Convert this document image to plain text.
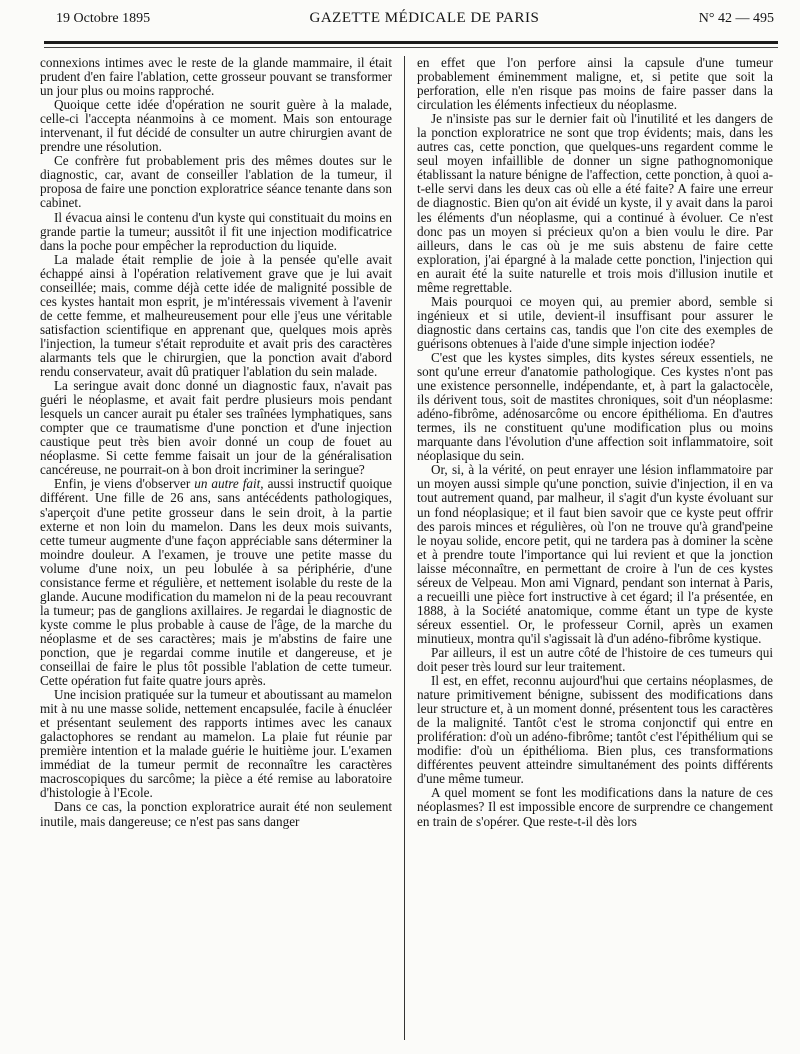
19 Octobre 1895	GAZETTE MÉDICALE DE PARIS	N° 42 — 495

connexions intimes avec le reste de la glande mammaire, il était prudent d'en faire l'ablation, cette grosseur pouvant se transformer un jour plus ou moins rapproché.

Quoique cette idée d'opération ne sourit guère à la malade, celle-ci l'accepta néanmoins à ce moment. Mais son entourage intervenant, il fut décidé de consulter un autre chirurgien avant de prendre une résolution.

Ce confrère fut probablement pris des mêmes doutes sur le diagnostic, car, avant de conseiller l'ablation de la tumeur, il proposa de faire une ponction exploratrice séance tenante dans son cabinet.

Il évacua ainsi le contenu d'un kyste qui constituait du moins en grande partie la tumeur; aussitôt il fit une injection modificatrice dans la poche pour empêcher la reproduction du liquide.

La malade était remplie de joie à la pensée qu'elle avait échappé ainsi à l'opération relativement grave que je lui avait conseillée; mais, comme déjà cette idée de malignité possible de ces kystes hantait mon esprit, je m'intéressais vivement à l'avenir de cette femme, et malheureusement pour elle j'eus une véritable satisfaction scientifique en apprenant que, quelques mois après l'injection, la tumeur s'était reproduite et avait pris des caractères alarmants tels que le chirurgien, que la ponction avait d'abord rendu conservateur, avait dû pratiquer l'ablation du sein malade.

La seringue avait donc donné un diagnostic faux, n'avait pas guéri le néoplasme, et avait fait perdre plusieurs mois pendant lesquels un cancer aurait pu étaler ses traînées lymphatiques, sans compter que ce traumatisme d'une ponction et d'une injection caustique peut très bien avoir donné un coup de fouet au néoplasme. Si cette femme faisait un jour de la généralisation cancéreuse, ne pourrait-on à bon droit incriminer la seringue?

Enfin, je viens d'observer un autre fait, aussi instructif quoique différent. Une fille de 26 ans, sans antécédents pathologiques, s'aperçoit d'une petite grosseur dans le sein droit, à la partie externe et non loin du mamelon. Dans les deux mois suivants, cette tumeur augmente d'une façon appréciable sans déterminer la moindre douleur. A l'examen, je trouve une petite masse du volume d'une noix, un peu lobulée à sa périphérie, d'une consistance ferme et régulière, et nettement isolable du reste de la glande. Aucune modification du mamelon ni de la peau recouvrant la tumeur; pas de ganglions axillaires. Je regardai le diagnostic de kyste comme le plus probable à cause de l'âge, de la marche du néoplasme et de ses caractères; mais je m'abstins de faire une ponction, que je regardai comme inutile et dangereuse, et je conseillai de faire le plus tôt possible l'ablation de cette tumeur. Cette opération fut faite quatre jours après.

Une incision pratiquée sur la tumeur et aboutissant au mamelon mit à nu une masse solide, nettement encapsulée, facile à énucléer et présentant seulement des rapports intimes avec les canaux galactophores se rendant au mamelon. La plaie fut réunie par première intention et la malade guérie le huitième jour. L'examen immédiat de la tumeur permit de reconnaître les caractères macroscopiques du sarcôme; la pièce a été remise au laboratoire d'histologie à l'Ecole.

Dans ce cas, la ponction exploratrice aurait été non seulement inutile, mais dangereuse; ce n'est pas sans danger

en effet que l'on perfore ainsi la capsule d'une tumeur probablement éminemment maligne, et, si petite que soit la perforation, elle n'en risque pas moins de faire passer dans la circulation les éléments infectieux du néoplasme.

Je n'insiste pas sur le dernier fait où l'inutilité et les dangers de la ponction exploratrice ne sont que trop évidents; mais, dans les autres cas, cette ponction, que quelques-uns regardent comme le seul moyen infaillible de donner un signe pathognomonique établissant la nature bénigne de l'affection, cette ponction, à quoi a-t-elle servi dans les deux cas où elle a été faite? A faire une erreur de diagnostic. Bien qu'on ait évidé un kyste, il y avait dans la paroi les éléments d'un néoplasme, qui a continué à évoluer. Ce n'est donc pas un moyen si précieux qu'on a bien voulu le dire. Par ailleurs, dans le cas où je me suis abstenu de faire cette exploration, j'ai épargné à la malade cette ponction, l'injection qui en aurait été la suite naturelle et trois mois d'illusion inutile et même regrettable.

Mais pourquoi ce moyen qui, au premier abord, semble si ingénieux et si utile, devient-il insuffisant pour assurer le diagnostic dans certains cas, tandis que l'on cite des exemples de guérisons obtenues à l'aide d'une simple injection iodée?

C'est que les kystes simples, dits kystes séreux essentiels, ne sont qu'une erreur d'anatomie pathologique. Ces kystes n'ont pas une existence personnelle, indépendante, et, à part la galactocèle, ils dérivent tous, soit de mastites chroniques, soit d'un néoplasme: adéno-fibrôme, adénosarcôme ou encore épithélioma. En d'autres termes, ils ne constituent qu'une modification plus ou moins marquante dans l'évolution d'une affection soit inflammatoire, soit néoplasique du sein.

Or, si, à la vérité, on peut enrayer une lésion inflammatoire par un moyen aussi simple qu'une ponction, suivie d'injection, il en va tout autrement quand, par malheur, il s'agit d'un kyste évoluant sur un fond néoplasique; et il faut bien savoir que ce kyste peut offrir des parois minces et régulières, où l'on ne trouve qu'à grand'peine le noyau solide, encore petit, qui ne tardera pas à dominer la scène et à prendre toute l'importance qui lui revient et que la jonction laisse méconnaître, en permettant de croire à l'un de ces kystes séreux de Velpeau. Mon ami Vignard, pendant son internat à Paris, a recueilli une pièce fort instructive à cet égard; il l'a présentée, en 1888, à la Société anatomique, comme étant un type de kyste séreux essentiel. Or, le professeur Cornil, après un examen minutieux, montra qu'il s'agissait là d'un adéno-fibrôme kystique.

Par ailleurs, il est un autre côté de l'histoire de ces tumeurs qui doit peser très lourd sur leur traitement.

Il est, en effet, reconnu aujourd'hui que certains néoplasmes, de nature primitivement bénigne, subissent des modifications dans leur structure et, à un moment donné, présentent tous les caractères de la malignité. Tantôt c'est le stroma conjonctif qui entre en prolifération: d'où un adéno-fibrôme; tantôt c'est l'épithélium qui se modifie: d'où un épithélioma. Bien plus, ces transformations différentes peuvent atteindre simultanément des points différents d'une même tumeur.

A quel moment se font les modifications dans la nature de ces néoplasmes? Il est impossible encore de surprendre ce changement en train de s'opérer. Que reste-t-il dès lors
